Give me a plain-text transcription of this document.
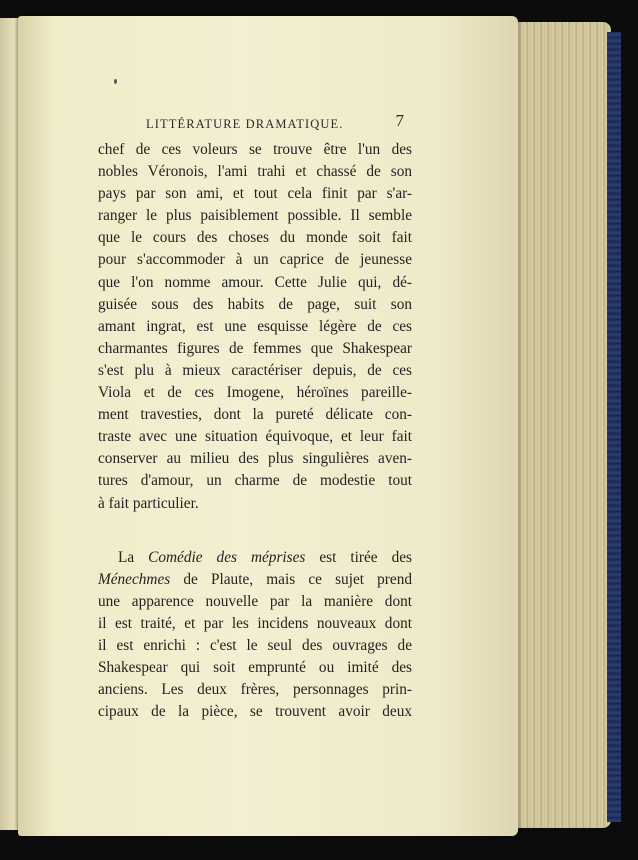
LITTÉRATURE DRAMATIQUE.	7
chef de ces voleurs se trouve être l'un des
nobles Véronois, l'ami trahi et chassé de son
pays par son ami, et tout cela finit par s'ar-
ranger le plus paisiblement possible. Il semble
que le cours des choses du monde soit fait
pour s'accommoder à un caprice de jeunesse
que l'on nomme amour. Cette Julie qui, dé-
guisée sous des habits de page, suit son
amant ingrat, est une esquisse légère de ces
charmantes figures de femmes que Shakespear
s'est plu à mieux caractériser depuis, de ces
Viola et de ces Imogene, héroïnes pareille-
ment travesties, dont la pureté délicate con-
traste avec une situation équivoque, et leur fait
conserver au milieu des plus singulières aven-
tures d'amour, un charme de modestie tout
à fait particulier.
La Comédie des méprises est tirée des
Ménechmes de Plaute, mais ce sujet prend
une apparence nouvelle par la manière dont
il est traité, et par les incidens nouveaux dont
il est enrichi : c'est le seul des ouvrages de
Shakespear qui soit emprunté ou imité des
anciens. Les deux frères, personnages prin-
cipaux de la pièce, se trouvent avoir deux
